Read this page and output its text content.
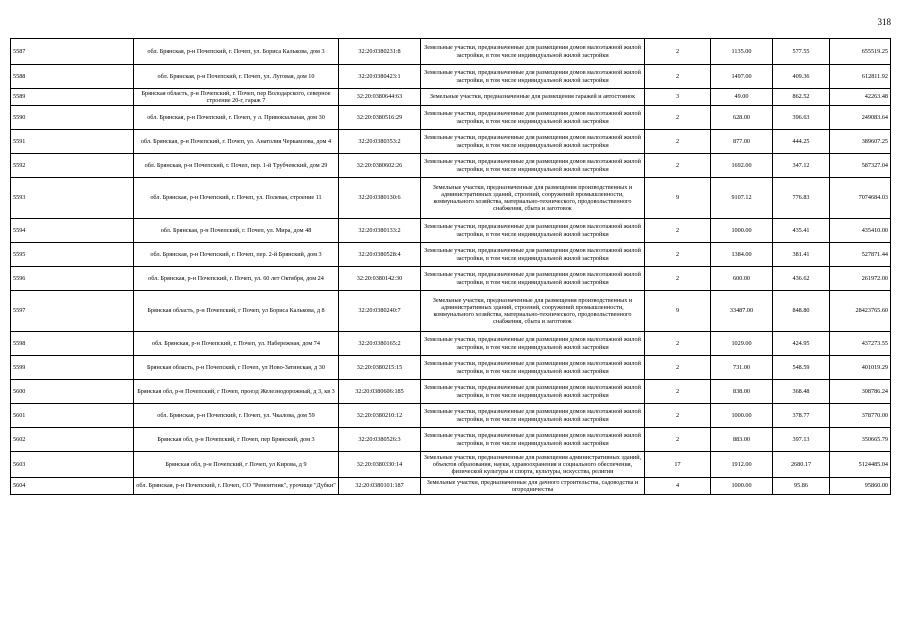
318
5587	обл. Брянская, р-н Почепский, г. Почеп, ул. Бориса Калькова, дом 3	32:20:0380231:8	Земельные участки, предназначенные для размещения домов малоэтажной жилой застройки, в том числе индивидуальной жилой застройки	2	1135.00	577.55	655519.25
5588	обл. Брянская, р-н Почепский, г. Почеп, ул. Луговая, дом 10	32:20:0380423:1	Земельные участки, предназначенные для размещения домов малоэтажной жилой застройки, в том числе индивидуальной жилой застройки	2	1497.00	409.36	612811.92
5589	Брянская область, р-н Почепский, г. Почеп, пер Володарского, северное строение 20-г, гараж 7	32:20:0380644:63	Земельные участки, предназначенные для размещения гаражей и автостоянок	3	49.00	862.52	42263.48
5590	обл. Брянская, р-н Почепский, г. Почеп, у л. Привокзальная, дом 30	32:20:0380516:29	Земельные участки, предназначенные для размещения домов малоэтажной жилой застройки, в том числе индивидуальной жилой застройки	2	628.00	396.63	249083.64
5591	обл. Брянская, р-н Почепский, г. Почеп, ул. Анатолия Черкамзова, дом 4	32:20:0380353:2	Земельные участки, предназначенные для размещения домов малоэтажной жилой застройки, в том числе индивидуальной жилой застройки	2	877.00	444.25	389607.25
5592	обл. Брянская, р-н Почепский, г. Почеп, пер. 1-й Трубчевский, дом 29	32:20:0380602:26	Земельные участки, предназначенные для размещения домов малоэтажной жилой застройки, в том числе индивидуальной жилой застройки	2	1692.00	347.12	587327.04
5593	обл. Брянская, р-н Почепский, г. Почеп, ул. Полевая, строение 11	32:20:0380130:6	Земельные участки, предназначенные для размещения производственных и административных зданий, строений, сооружений промышленности, коммунального хозяйства, материально-технического, продовольственного снабжения, сбыта и заготовок	9	9107.12	776.83	7074684.03
5594	обл. Брянская, р-н Почепский, г. Почеп, ул. Мира, дом 48	32:20:0380133:2	Земельные участки, предназначенные для размещения домов малоэтажной жилой застройки, в том числе индивидуальной жилой застройки	2	1000.00	435.41	435410.00
5595	обл. Брянская, р-н Почепский, г. Почеп, пер. 2-й Брянский, дом 3	32:20:0380528:4	Земельные участки, предназначенные для размещения домов малоэтажной жилой застройки, в том числе индивидуальной жилой застройки	2	1384.00	381.41	527871.44
5596	обл. Брянская, р-н Почепский, г. Почеп, ул. 60 лет Октября, дом 24	32:20:0380142:30	Земельные участки, предназначенные для размещения домов малоэтажной жилой застройки, в том числе индивидуальной жилой застройки	2	600.00	436.62	261972.00
5597	Брянская область, р-н Почепский, г Почеп, ул Бориса Калькова, д 8	32:20:0380240:7	Земельные участки, предназначенные для размещения производственных и административных зданий, строений, сооружений промышленности, коммунального хозяйства, материально-технического, продовольственного снабжения, сбыта и заготовок	9	33487.00	848.80	28423765.60
5598	обл. Брянская, р-н Почепский, г. Почеп, ул. Набережная, дом 74	32:20:0380165:2	Земельные участки, предназначенные для размещения домов малоэтажной жилой застройки, в том числе индивидуальной жилой застройки	2	1029.00	424.95	437273.55
5599	Брянская область, р-н Почепский, г Почеп, ул Ново-Затинская, д 30	32:20:0380215:15	Земельные участки, предназначенные для размещения домов малоэтажной жилой застройки, в том числе индивидуальной жилой застройки	2	731.00	548.59	401019.29
5600	Брянская обл, р-н Почепский, г Почеп, проезд Железнодорожный, д 3, кв 3	32:20:0380606:185	Земельные участки, предназначенные для размещения домов малоэтажной жилой застройки, в том числе индивидуальной жилой застройки	2	838.00	368.48	308786.24
5601	обл. Брянская, р-н Почепский, г. Почеп, ул. Чкалова, дом 59	32:20:0380210:12	Земельные участки, предназначенные для размещения домов малоэтажной жилой застройки, в том числе индивидуальной жилой застройки	2	1000.00	378.77	378770.00
5602	Брянская обл, р-н Почепский, г Почеп, пер Брянский, дом 3	32:20:0380526:3	Земельные участки, предназначенные для размещения домов малоэтажной жилой застройки, в том числе индивидуальной жилой застройки	2	883.00	397.13	350665.79
5603	Брянская обл, р-н Почепский, г Почеп, ул Кирова, д 9	32:20:0380330:14	Земельные участки, предназначенные для размещения административных зданий, объектов образования, науки, здравоохранения и социального обеспечения, физической культуры и спорта, культуры, искусства, религии	17	1912.00	2680.17	5124485.04
5604	обл. Брянская, р-н Почепский, г. Почеп, СО "Ремонтник", урочище "Дубки"	32:20:0380101:187	Земельные участки, предназначенные для дачного строительства, садоводства и огородничества	4	1000.00	95.86	95860.00
